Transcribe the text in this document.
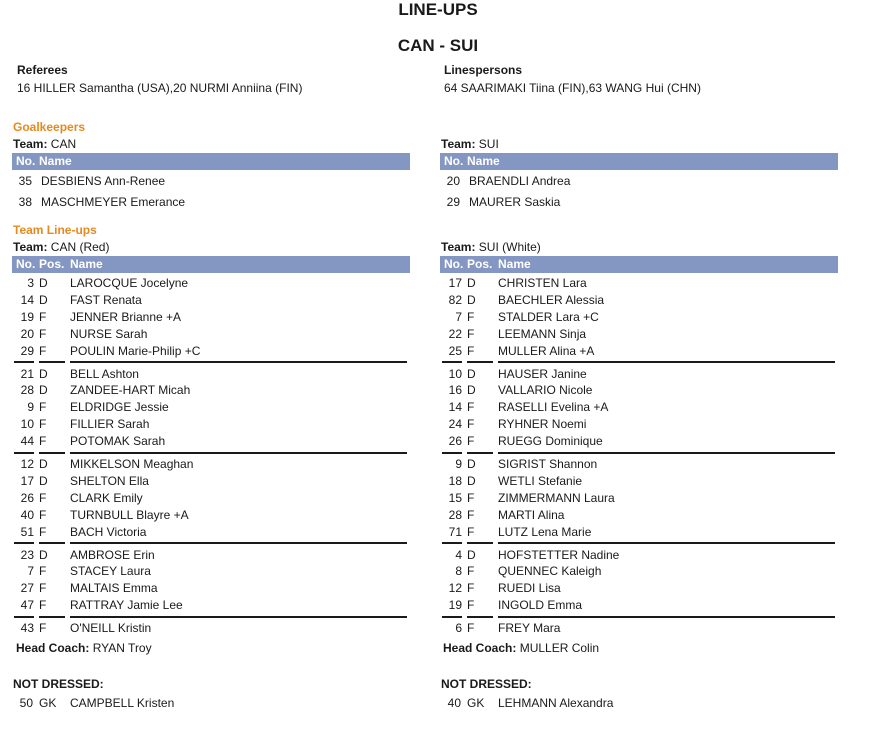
LINE-UPS
CAN - SUI
Referees
16 HILLER Samantha (USA),20 NURMI Anniina (FIN)
Linespersons
64 SAARIMAKI Tiina (FIN),63 WANG Hui (CHN)
Goalkeepers
Team: CAN	Team: SUI
No. Name	No. Name
35 DESBIENS Ann-Renee
38 MASCHMEYER Emerance
20 BRAENDLI Andrea
29 MAURER Saskia
Team Line-ups
Team: CAN (Red)	Team: SUI (White)
No. Pos. Name	No. Pos. Name
3 D LAROCQUE Jocelyne
14 D FAST Renata
19 F JENNER Brianne +A
20 F NURSE Sarah
29 F POULIN Marie-Philip +C
21 D BELL Ashton
28 D ZANDEE-HART Micah
9 F ELDRIDGE Jessie
10 F FILLIER Sarah
44 F POTOMAK Sarah
12 D MIKKELSON Meaghan
17 D SHELTON Ella
26 F CLARK Emily
40 F TURNBULL Blayre +A
51 F BACH Victoria
23 D AMBROSE Erin
7 F STACEY Laura
27 F MALTAIS Emma
47 F RATTRAY Jamie Lee
43 F O'NEILL Kristin
17 D CHRISTEN Lara
82 D BAECHLER Alessia
7 F STALDER Lara +C
22 F LEEMANN Sinja
25 F MULLER Alina +A
10 D HAUSER Janine
16 D VALLARIO Nicole
14 F RASELLI Evelina +A
24 F RYHNER Noemi
26 F RUEGG Dominique
9 D SIGRIST Shannon
18 D WETLI Stefanie
15 F ZIMMERMANN Laura
28 F MARTI Alina
71 F LUTZ Lena Marie
4 D HOFSTETTER Nadine
8 F QUENNEC Kaleigh
12 F RUEDI Lisa
19 F INGOLD Emma
6 F FREY Mara
Head Coach: RYAN Troy	Head Coach: MULLER Colin
NOT DRESSED:	NOT DRESSED:
50 GK CAMPBELL Kristen	40 GK LEHMANN Alexandra
